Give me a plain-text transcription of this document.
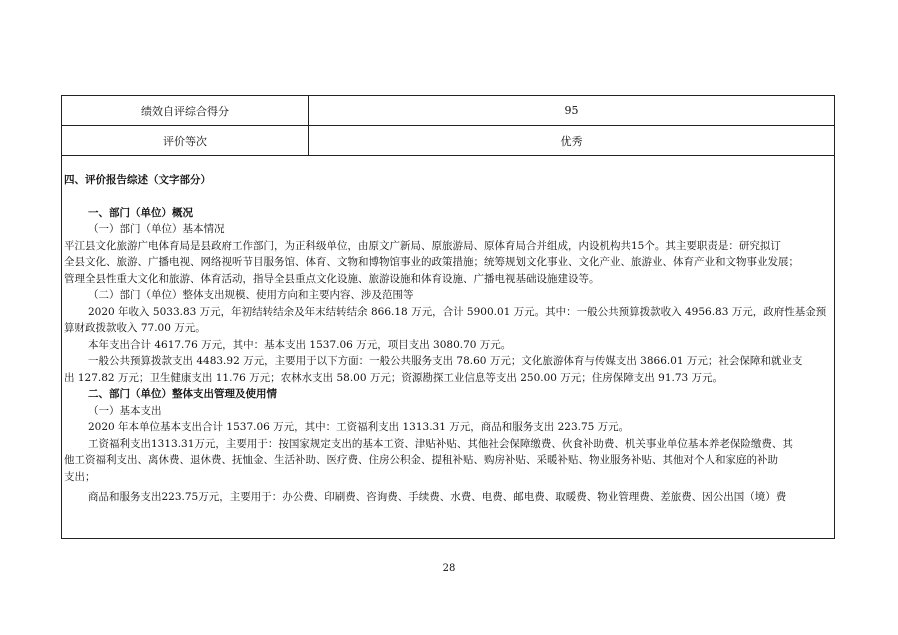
绩效自评综合得分	95
评价等次	优秀

四、评价报告综述（文字部分）

一、部门（单位）概况

（一）部门（单位）基本情况

平江县文化旅游广电体育局是县政府工作部门，为正科级单位，由原文广新局、原旅游局、原体育局合并组成，内设机构共15个。其主要职责是：研究拟订

全县文化、旅游、广播电视、网络视听节目服务馆、体育、文物和博物馆事业的政策措施；统筹规划文化事业、文化产业、旅游业、体育产业和文物事业发展；

管理全县性重大文化和旅游、体育活动，指导全县重点文化设施、旅游设施和体育设施、广播电视基础设施建设等。

（二）部门（单位）整体支出规模、使用方向和主要内容、涉及范围等

2020 年收入 5033.83 万元，年初结转结余及年末结转结余 866.18 万元，合计 5900.01 万元。其中：一般公共预算拨款收入 4956.83 万元，政府性基金预

算财政拨款收入 77.00 万元。

本年支出合计 4617.76 万元，其中：基本支出 1537.06 万元，项目支出 3080.70 万元。

一般公共预算拨款支出 4483.92 万元，主要用于以下方面：一般公共服务支出 78.60 万元；文化旅游体育与传媒支出 3866.01 万元；社会保障和就业支

出 127.82 万元；卫生健康支出 11.76 万元；农林水支出 58.00 万元；资源勘探工业信息等支出 250.00 万元；住房保障支出 91.73 万元。

二、部门（单位）整体支出管理及使用情

（一）基本支出

2020 年本单位基本支出合计 1537.06 万元，其中：工资福利支出 1313.31 万元，商品和服务支出 223.75 万元。

工资福利支出1313.31万元，主要用于：按国家规定支出的基本工资、津贴补贴、其他社会保障缴费、伙食补助费、机关事业单位基本养老保险缴费、其

他工资福利支出、离休费、退休费、抚恤金、生活补助、医疗费、住房公积金、提租补贴、购房补贴、采暖补贴、物业服务补贴、其他对个人和家庭的补助

支出；

商品和服务支出223.75万元，主要用于：办公费、印刷费、咨询费、手续费、水费、电费、邮电费、取暖费、物业管理费、差旅费、因公出国（境）费

28
